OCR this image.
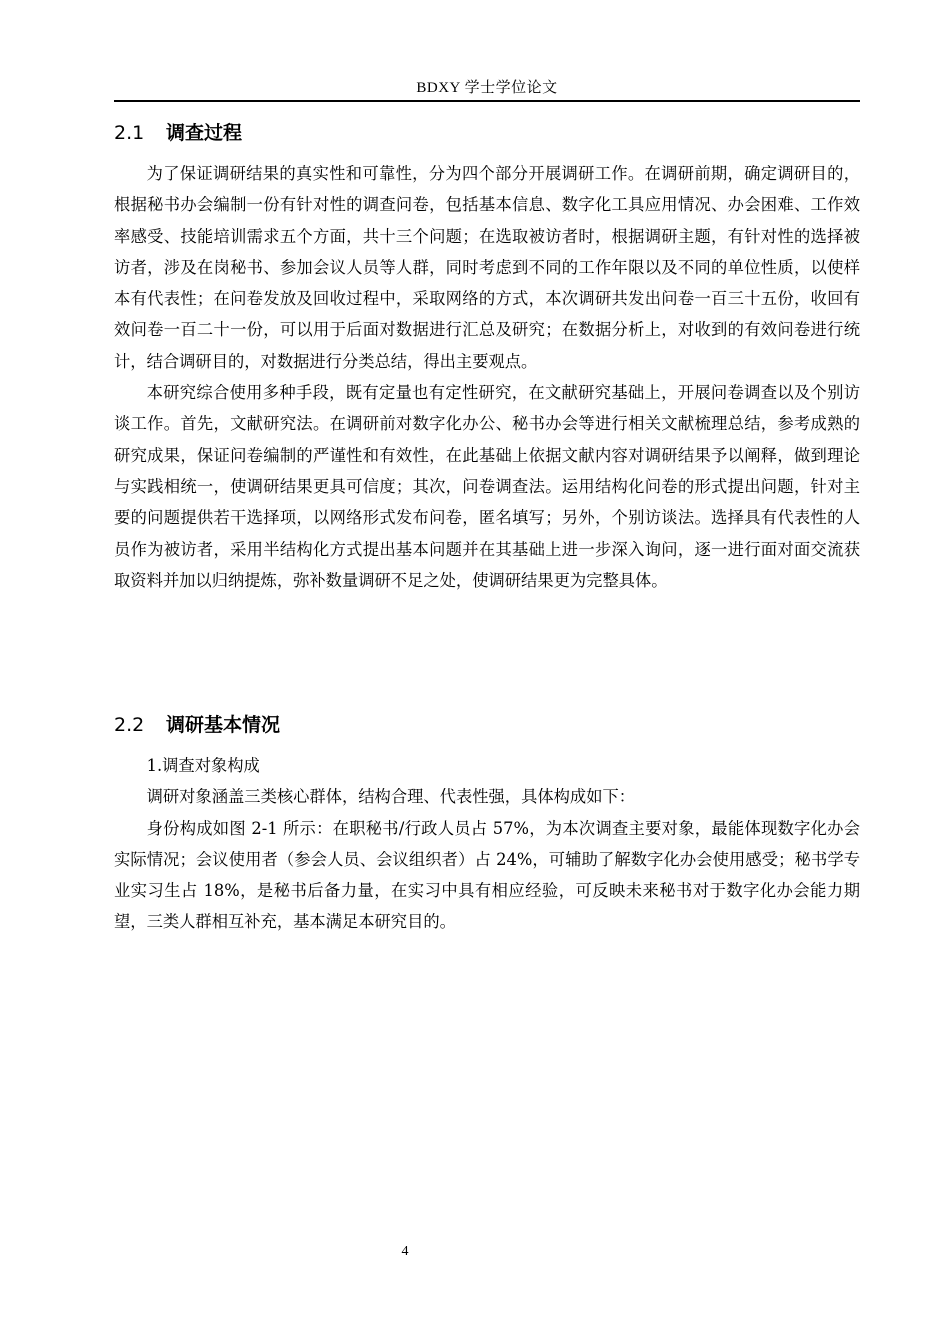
BDXY 学士学位论文
2.1 调查过程

为了保证调研结果的真实性和可靠性，分为四个部分开展调研工作。在调研前期，确定调研目的，根据秘书办会编制一份有针对性的调查问卷，包括基本信息、数字化工具应用情况、办会困难、工作效率感受、技能培训需求五个方面，共十三个问题；在选取被访者时，根据调研主题，有针对性的选择被访者，涉及在岗秘书、参加会议人员等人群，同时考虑到不同的工作年限以及不同的单位性质，以使样本有代表性；在问卷发放及回收过程中，采取网络的方式，本次调研共发出问卷一百三十五份，收回有效问卷一百二十一份，可以用于后面对数据进行汇总及研究；在数据分析上，对收到的有效问卷进行统计，结合调研目的，对数据进行分类总结，得出主要观点。

本研究综合使用多种手段，既有定量也有定性研究，在文献研究基础上，开展问卷调查以及个别访谈工作。首先，文献研究法。在调研前对数字化办公、秘书办会等进行相关文献梳理总结，参考成熟的研究成果，保证问卷编制的严谨性和有效性，在此基础上依据文献内容对调研结果予以阐释，做到理论与实践相统一，使调研结果更具可信度；其次，问卷调查法。运用结构化问卷的形式提出问题，针对主要的问题提供若干选择项，以网络形式发布问卷，匿名填写；另外，个别访谈法。选择具有代表性的人员作为被访者，采用半结构化方式提出基本问题并在其基础上进一步深入询问，逐一进行面对面交流获取资料并加以归纳提炼，弥补数量调研不足之处，使调研结果更为完整具体。

2.2 调研基本情况

1.调查对象构成

调研对象涵盖三类核心群体，结构合理、代表性强，具体构成如下：

身份构成如图 2-1 所示：在职秘书/行政人员占 57%，为本次调查主要对象，最能体现数字化办会实际情况；会议使用者（参会人员、会议组织者）占 24%，可辅助了解数字化办会使用感受；秘书学专业实习生占 18%，是秘书后备力量，在实习中具有相应经验，可反映未来秘书对于数字化办会能力期望，三类人群相互补充，基本满足本研究目的。

4
